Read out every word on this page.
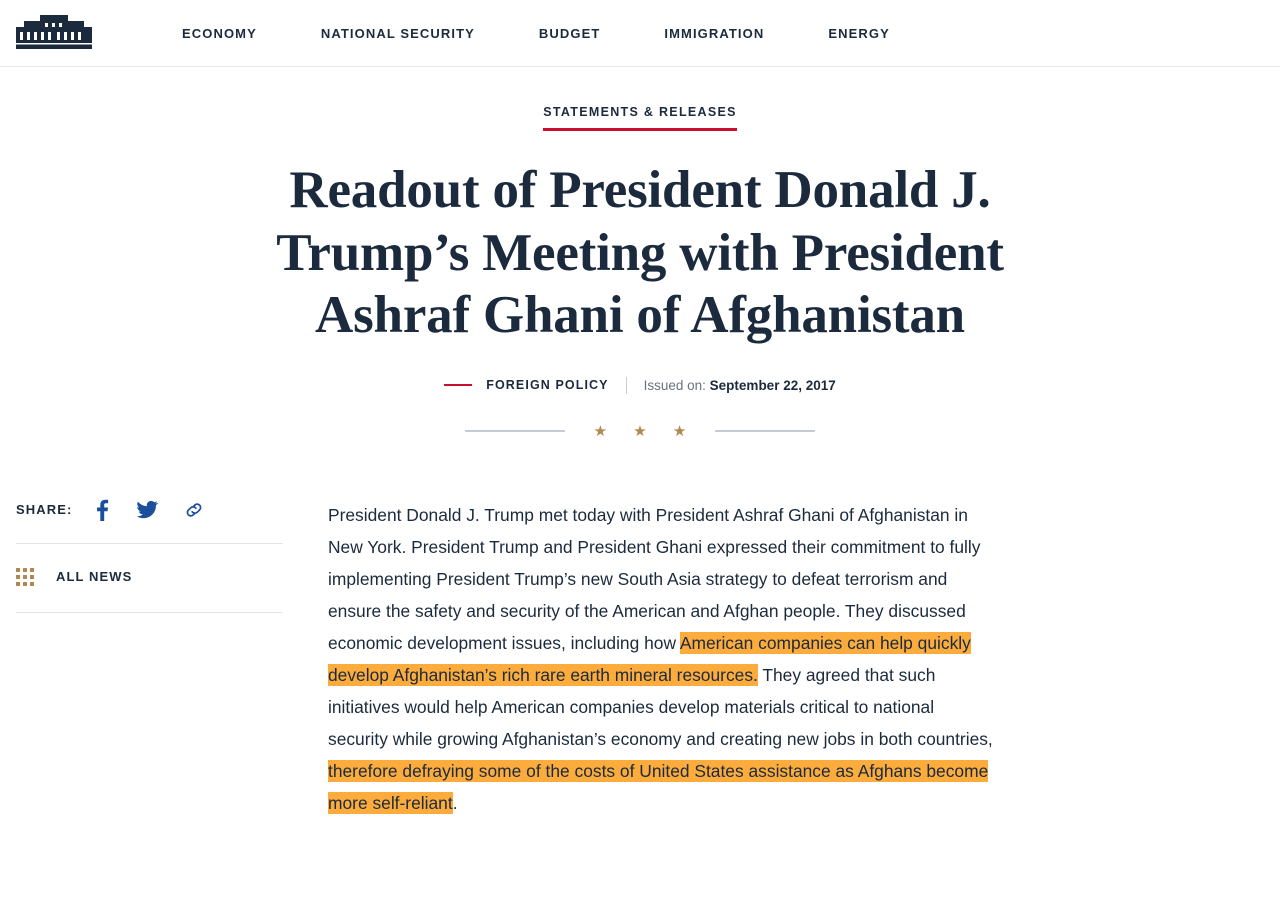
ECONOMY	NATIONAL SECURITY	BUDGET	IMMIGRATION	ENERGY
STATEMENTS & RELEASES
Readout of President Donald J. Trump’s Meeting with President Ashraf Ghani of Afghanistan
FOREIGN POLICY	Issued on:
September 22, 2017
★ ★ ★
SHARE:
ALL NEWS

President Donald J. Trump met today with President Ashraf Ghani of Afghanistan in New York. President Trump and President Ghani expressed their commitment to fully implementing President Trump’s new South Asia strategy to defeat terrorism and ensure the safety and security of the American and Afghan people. They discussed economic development issues, including how American companies can help quickly develop Afghanistan’s rich rare earth mineral resources. They agreed that such initiatives would help American companies develop materials critical to national security while growing Afghanistan’s economy and creating new jobs in both countries, therefore defraying some of the costs of United States assistance as Afghans become more self-reliant.
